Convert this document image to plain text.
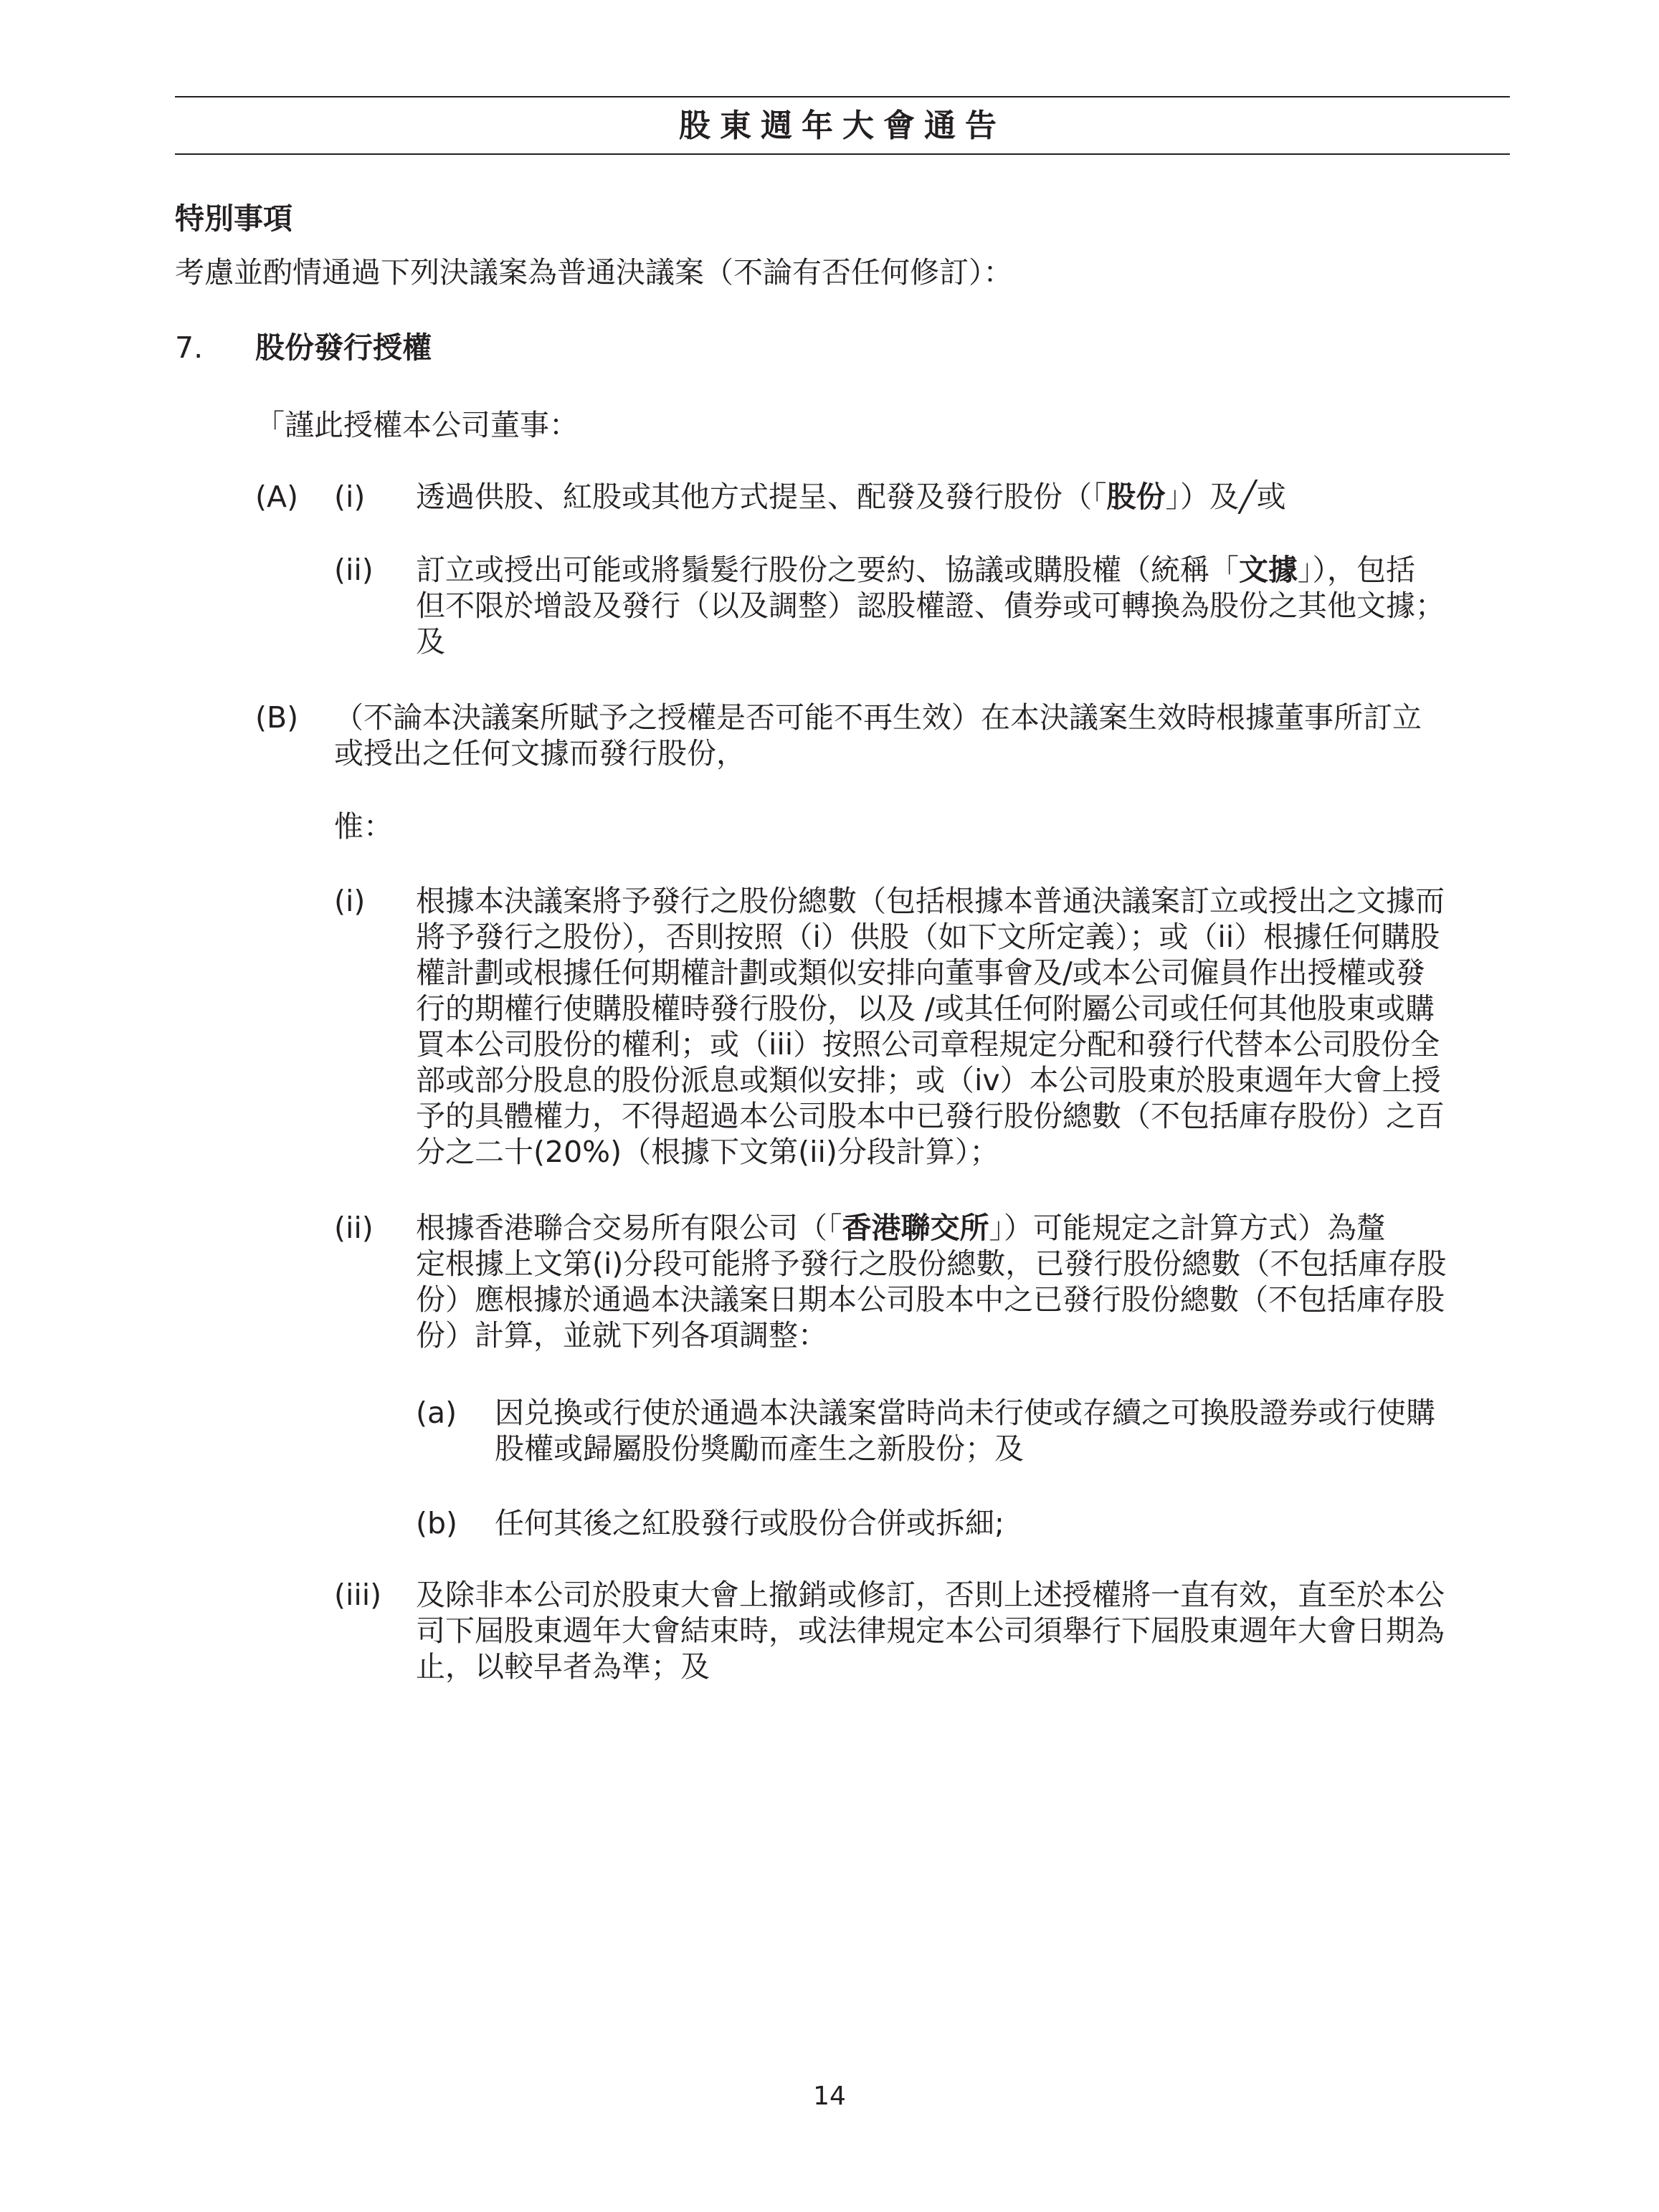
股東週年大會通告
特別事項
考慮並酌情通過下列決議案為普通決議案（不論有否任何修訂）：
7. 股份發行授權
「謹此授權本公司董事：
(A) (i) 透過供股、紅股或其他方式提呈、配發及發行股份（「股份」）及╱或
(ii) 訂立或授出可能或將鬚髮行股份之要約、協議或購股權（統稱「文據」），包括
但不限於增設及發行（以及調整）認股權證、債券或可轉換為股份之其他文據；
及
(B) （不論本決議案所賦予之授權是否可能不再生效）在本決議案生效時根據董事所訂立
或授出之任何文據而發行股份，
惟：
(i) 根據本決議案將予發行之股份總數（包括根據本普通決議案訂立或授出之文據而
將予發行之股份），否則按照（i）供股（如下文所定義）；或（ii）根據任何購股
權計劃或根據任何期權計劃或類似安排向董事會及/或本公司僱員作出授權或發
行的期權行使購股權時發行股份，以及 /或其任何附屬公司或任何其他股東或購
買本公司股份的權利；或（iii）按照公司章程規定分配和發行代替本公司股份全
部或部分股息的股份派息或類似安排；或（iv）本公司股東於股東週年大會上授
予的具體權力，不得超過本公司股本中已發行股份總數（不包括庫存股份）之百
分之二十(20%)（根據下文第(ii)分段計算）；
(ii) 根據香港聯合交易所有限公司（「香港聯交所」）可能規定之計算方式）為釐
定根據上文第(i)分段可能將予發行之股份總數，已發行股份總數（不包括庫存股
份）應根據於通過本決議案日期本公司股本中之已發行股份總數（不包括庫存股
份）計算，並就下列各項調整：
(a) 因兑換或行使於通過本決議案當時尚未行使或存續之可換股證券或行使購
股權或歸屬股份獎勵而產生之新股份；及
(b) 任何其後之紅股發行或股份合併或拆細;
(iii) 及除非本公司於股東大會上撤銷或修訂，否則上述授權將一直有效，直至於本公
司下屆股東週年大會結束時，或法律規定本公司須舉行下屆股東週年大會日期為
止，以較早者為準；及
14
